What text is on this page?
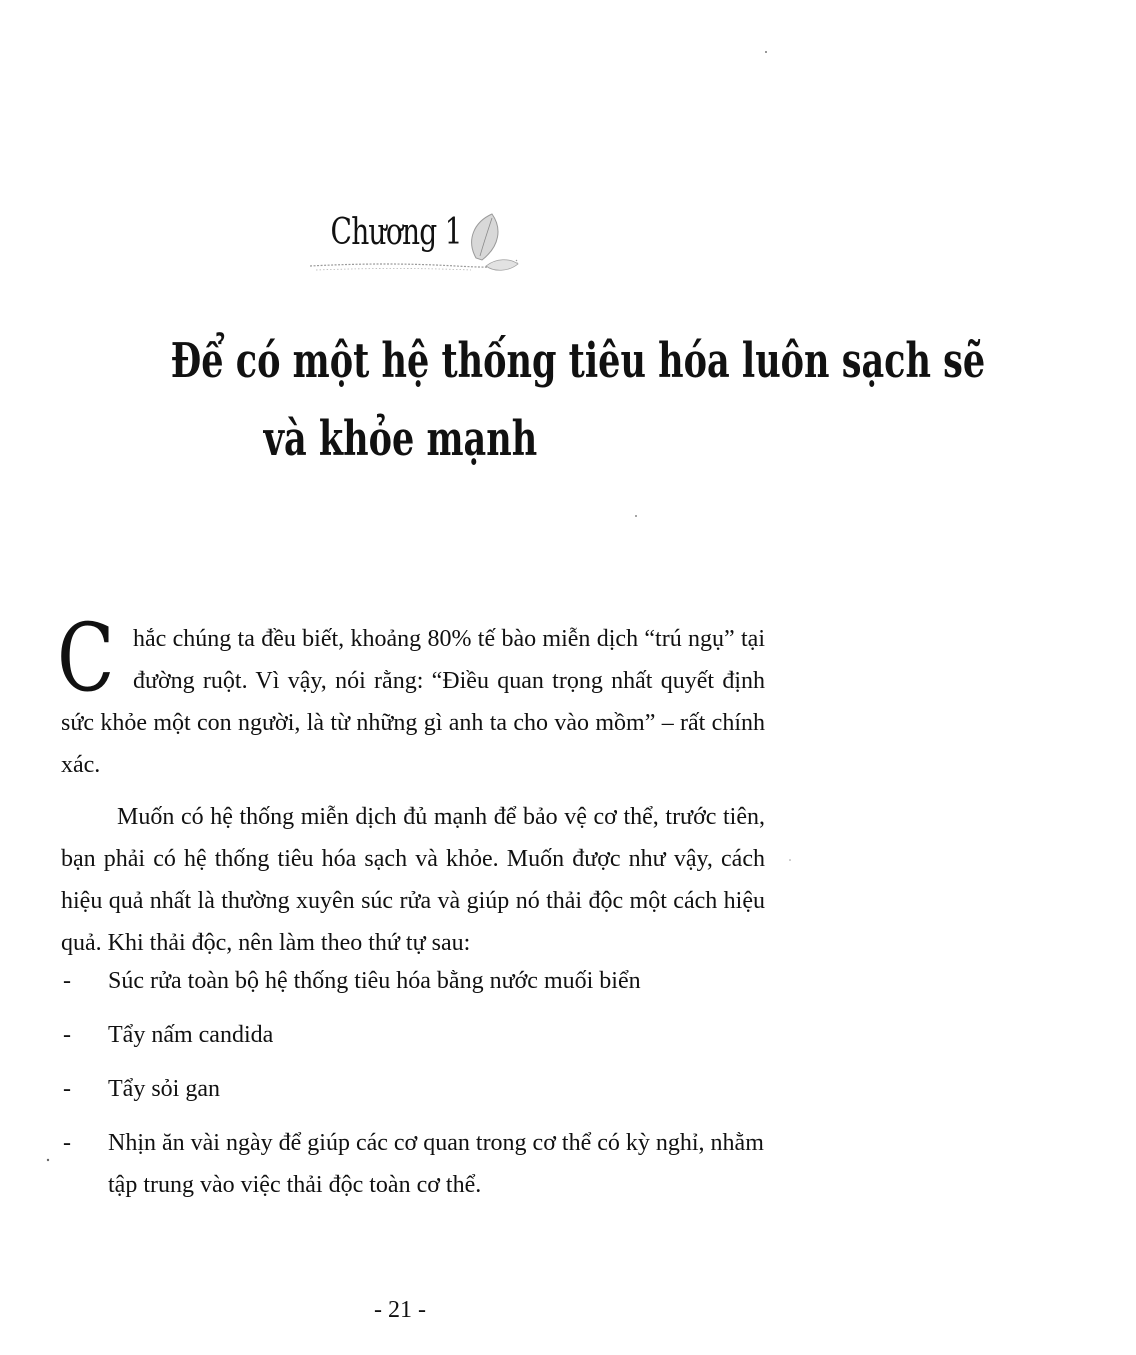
Chương 1
Để có một hệ thống tiêu hóa luôn sạch sẽ
và khỏe mạnh
Chắc chúng ta đều biết, khoảng 80% tế bào miễn dịch “trú ngụ” tại đường ruột. Vì vậy, nói rằng: “Điều quan trọng nhất quyết định sức khỏe một con người, là từ những gì anh ta cho vào mồm” – rất chính xác.
Muốn có hệ thống miễn dịch đủ mạnh để bảo vệ cơ thể, trước tiên, bạn phải có hệ thống tiêu hóa sạch và khỏe. Muốn được như vậy, cách hiệu quả nhất là thường xuyên súc rửa và giúp nó thải độc một cách hiệu quả. Khi thải độc, nên làm theo thứ tự sau:
- Súc rửa toàn bộ hệ thống tiêu hóa bằng nước muối biển
- Tẩy nấm candida
- Tẩy sỏi gan
- Nhịn ăn vài ngày để giúp các cơ quan trong cơ thể có kỳ nghỉ, nhằm tập trung vào việc thải độc toàn cơ thể.
- 21 -
